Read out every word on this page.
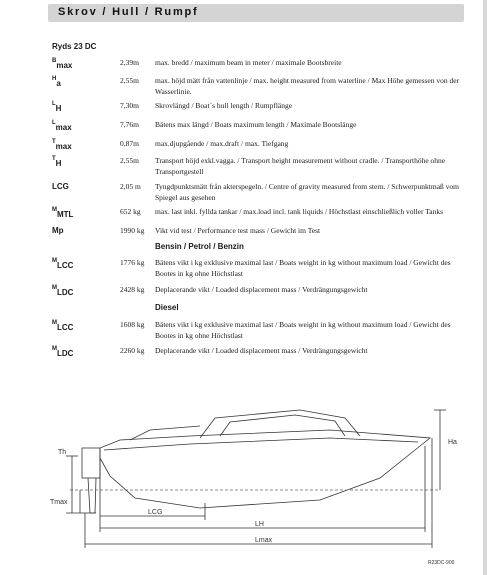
Skrov / Hull / Rumpf
Ryds 23 DC
$^B$max	2,39m max. bredd / maximum beam in meter / maximale Bootsbreite
$^H$a	2,55m max. höjd mätt från vattenlinje / max. height measured from waterline / Max Höhe gemessen von der Wasserlinie.
$^L$H	7,30m Skrovlängd / Boat´s hull length / Rumpflänge
$^L$max	7,76m Bätens max längd / Boats maximum length / Maximale Bootslänge
$^T$max	0,87m max.djupgående / max.draft / max. Tiefgang
$^T$H	2,55m Transport höjd exkl.vagga. / Transport height measurement without cradle. / Transporthöhe ohne Transportgestell
LCG	2,05 m Tyngdpunktsmätt från akterspegeln. / Centre of gravity measured from stern. / Schwerpunktmaß vom Spiegel aus gesehen
$^M$MTL	652 kg max. last inkl. fyllda tankar / max.load incl. tank liquids / Höchstlast einschließlich voller Tanks
Mp	1990 kg Vikt vid test / Performance test mass / Gewicht im Test
Bensin / Petrol / Benzin
$^M$LCC	1776 kg Bätens vikt i kg exklusive maximal last / Boats weight in kg without maximum load / Gewicht des Bootes in kg ohne Höchstlast
$^M$LDC	2428 kg Deplacerande vikt / Loaded displacement mass / Verdrängungsgewicht
Diesel
$^M$LCC	1608 kg Bätens vikt i kg exklusive maximal last / Boats weight in kg without maximum load / Gewicht des Bootes in kg ohne Höchstlast
$^M$LDC	2260 kg Deplacerande vikt / Loaded displacement mass / Verdrängungsgewicht
Ha
Th
Tmax
LCG
LH
Lmax
R23DC-900
